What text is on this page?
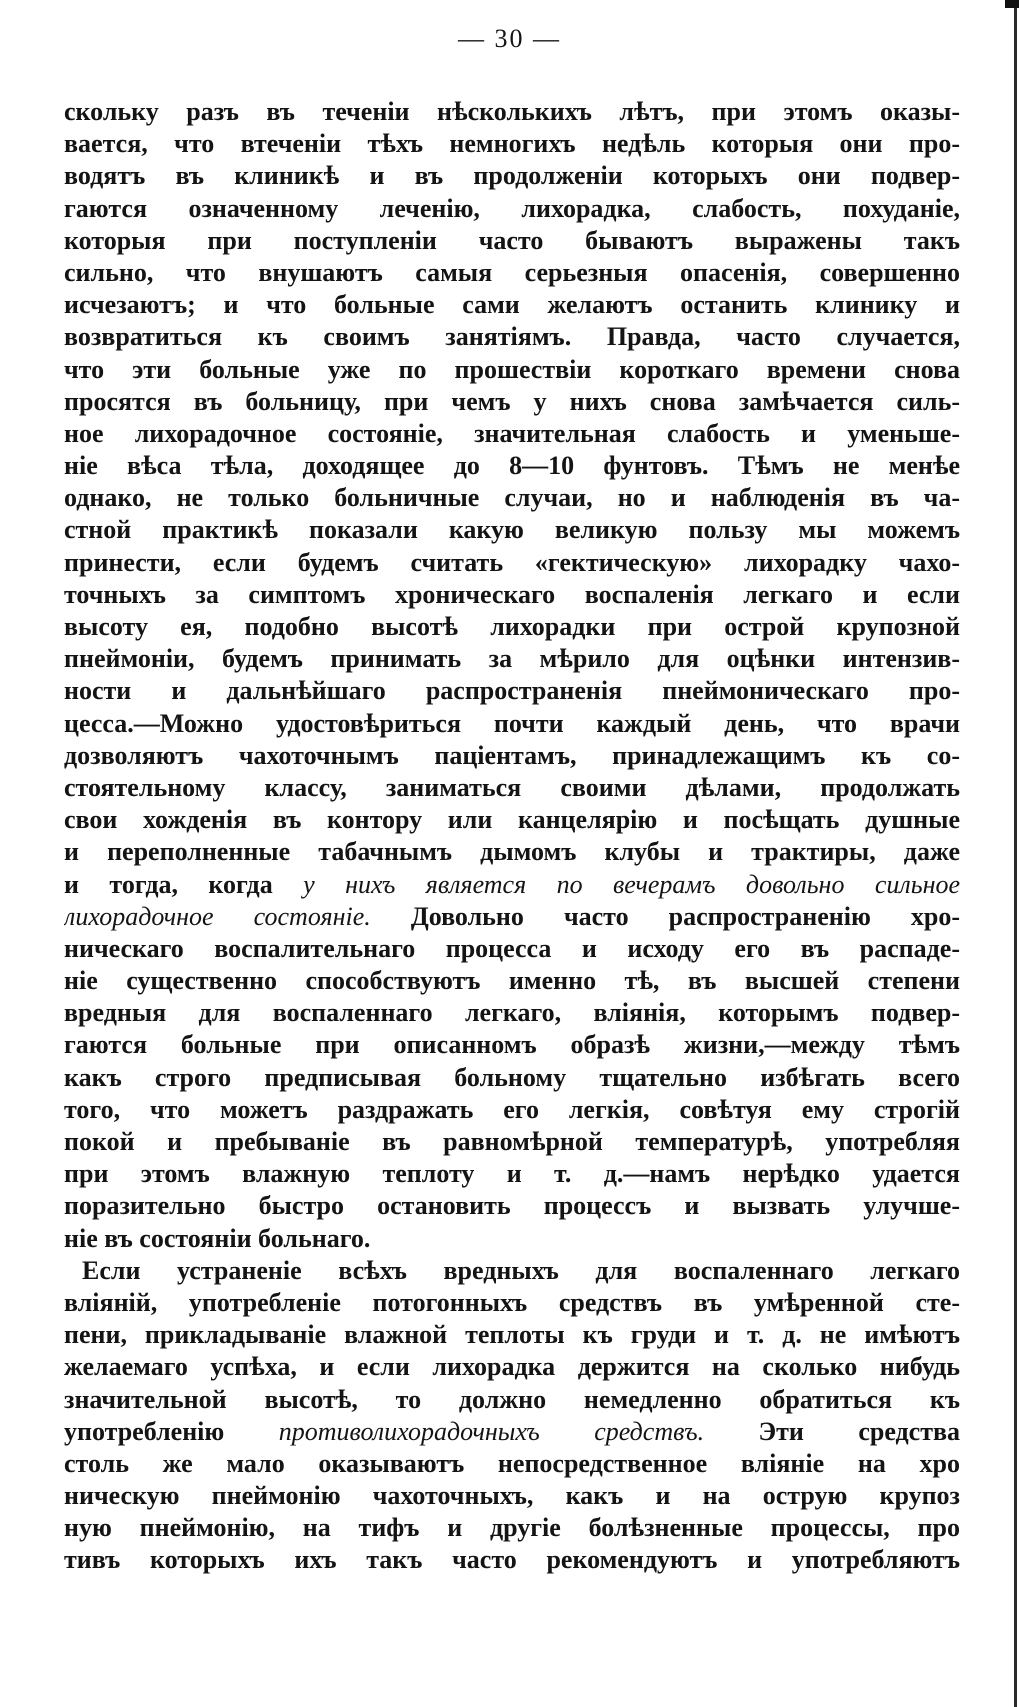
— 30 —
скольку разъ въ теченiи нѣсколькихъ лѣтъ, при этомъ оказы-
вается, что втеченiи тѣхъ немногихъ недѣль которыя они про-
водятъ въ клиникѣ и въ продолженiи которыхъ они подвер-
гаются означенному леченiю, лихорадка, слабость, похуданiе,
которыя при поступленiи часто бываютъ выражены такъ
сильно, что внушаютъ самыя серьезныя опасенiя, совершенно
исчезаютъ; и что больные сами желаютъ останить клинику и
возвратиться къ своимъ занятiямъ. Правда, часто случается,
что эти больные уже по прошествiи короткаго времени снова
просятся въ больницу, при чемъ у нихъ снова замѣчается силь-
ное лихорадочное состоянiе, значительная слабость и уменьше-
нiе вѣса тѣла, доходящее до 8—10 фунтовъ. Тѣмъ не менѣе
однако, не только больничные случаи, но и наблюденiя въ ча-
стной практикѣ показали какую великую пользу мы можемъ
принести, если будемъ считать «гектическую» лихорадку чахо-
точныхъ за симптомъ хроническаго воспаленiя легкаго и если
высоту ея, подобно высотѣ лихорадки при острой крупозной
пнеймонiи, будемъ принимать за мѣрило для оцѣнки интензив-
ности и дальнѣйшаго распространенiя пнеймоническаго про-
цесса.—Можно удостовѣриться почти каждый день, что врачи
дозволяютъ чахоточнымъ пацiентамъ, принадлежащимъ къ со-
стоятельному классу, заниматься своими дѣлами, продолжать
свои хожденiя въ контору или канцелярiю и посѣщать душные
и переполненные табачнымъ дымомъ клубы и трактиры, даже
и тогда, когда у нихъ является по вечерамъ довольно сильное
лихорадочное состоянiе. Довольно часто распространенiю хро-
ническаго воспалительнаго процесса и исходу его въ распаде-
нiе существенно способствуютъ именно тѣ, въ высшей степени
вредныя для воспаленнаго легкаго, влiянiя, которымъ подвер-
гаются больные при описанномъ образѣ жизни,—между тѣмъ
какъ строго предписывая больному тщательно избѣгать всего
того, что можетъ раздражать его легкiя, совѣтуя ему строгiй
покой и пребыванiе въ равномѣрной температурѣ, употребляя
при этомъ влажную теплоту и т. д.—намъ нерѣдко удается
поразительно быстро остановить процессъ и вызвать улучше-
нiе въ состоянiи больнаго.
Если устраненiе всѣхъ вредныхъ для воспаленнаго легкаго
влiянiй, употребленiе потогонныхъ средствъ въ умѣренной сте-
пени, прикладыванiе влажной теплоты къ груди и т. д. не имѣютъ
желаемаго успѣха, и если лихорадка держится на сколько нибудь
значительной высотѣ, то должно немедленно обратиться къ
употребленiю противолихорадочныхъ средствъ. Эти средства
столь же мало оказываютъ непосредственное влiянiе на хро
ническую пнеймонiю чахоточныхъ, какъ и на острую крупоз
ную пнеймонiю, на тифъ и другiе болѣзненные процессы, про
тивъ которыхъ ихъ такъ часто рекомендуютъ и употребляютъ
